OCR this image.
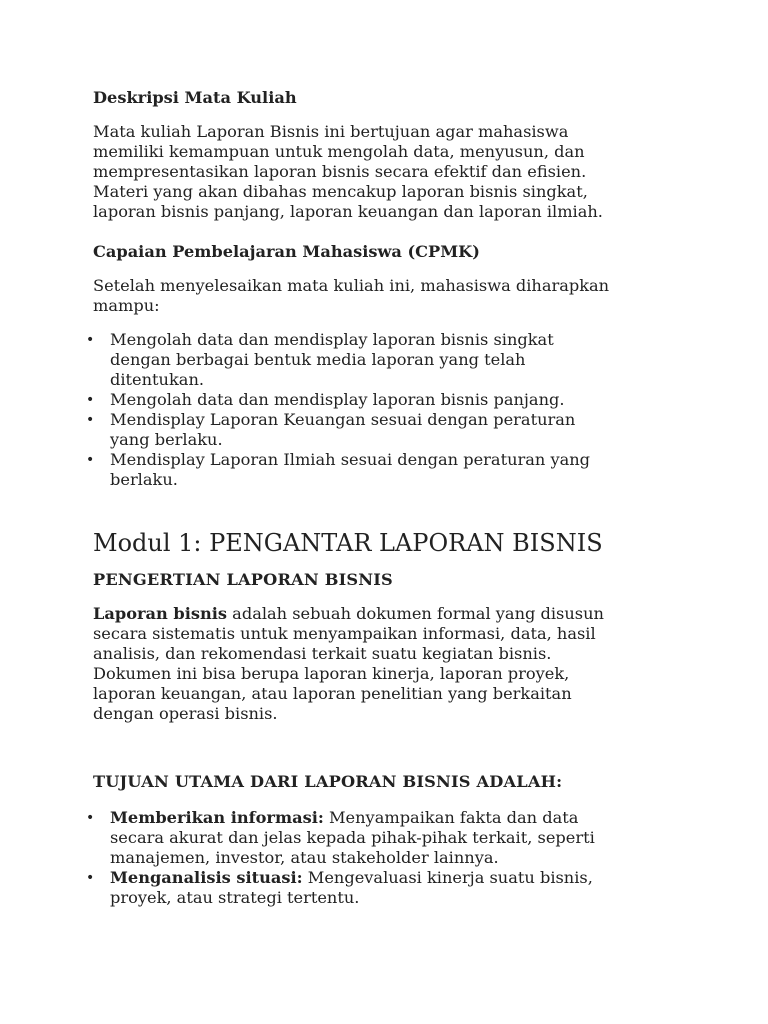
Deskripsi Mata Kuliah

Mata kuliah Laporan Bisnis ini bertujuan agar mahasiswa
memiliki kemampuan untuk mengolah data, menyusun, dan
mempresentasikan laporan bisnis secara efektif dan efisien.
Materi yang akan dibahas mencakup laporan bisnis singkat,
laporan bisnis panjang, laporan keuangan dan laporan ilmiah.

Capaian Pembelajaran Mahasiswa (CPMK)

Setelah menyelesaikan mata kuliah ini, mahasiswa diharapkan
mampu:

• Mengolah data dan mendisplay laporan bisnis singkat
dengan berbagai bentuk media laporan yang telah
ditentukan.
• Mengolah data dan mendisplay laporan bisnis panjang.
• Mendisplay Laporan Keuangan sesuai dengan peraturan
yang berlaku.
• Mendisplay Laporan Ilmiah sesuai dengan peraturan yang
berlaku.
Modul 1: PENGANTAR LAPORAN BISNIS
PENGERTIAN LAPORAN BISNIS

Laporan bisnis adalah sebuah dokumen formal yang disusun
secara sistematis untuk menyampaikan informasi, data, hasil
analisis, dan rekomendasi terkait suatu kegiatan bisnis.
Dokumen ini bisa berupa laporan kinerja, laporan proyek,
laporan keuangan, atau laporan penelitian yang berkaitan
dengan operasi bisnis.

TUJUAN UTAMA DARI LAPORAN BISNIS ADALAH:
• Memberikan informasi: Menyampaikan fakta dan data
secara akurat dan jelas kepada pihak-pihak terkait, seperti
manajemen, investor, atau stakeholder lainnya.
• Menganalisis situasi: Mengevaluasi kinerja suatu bisnis,
proyek, atau strategi tertentu.
